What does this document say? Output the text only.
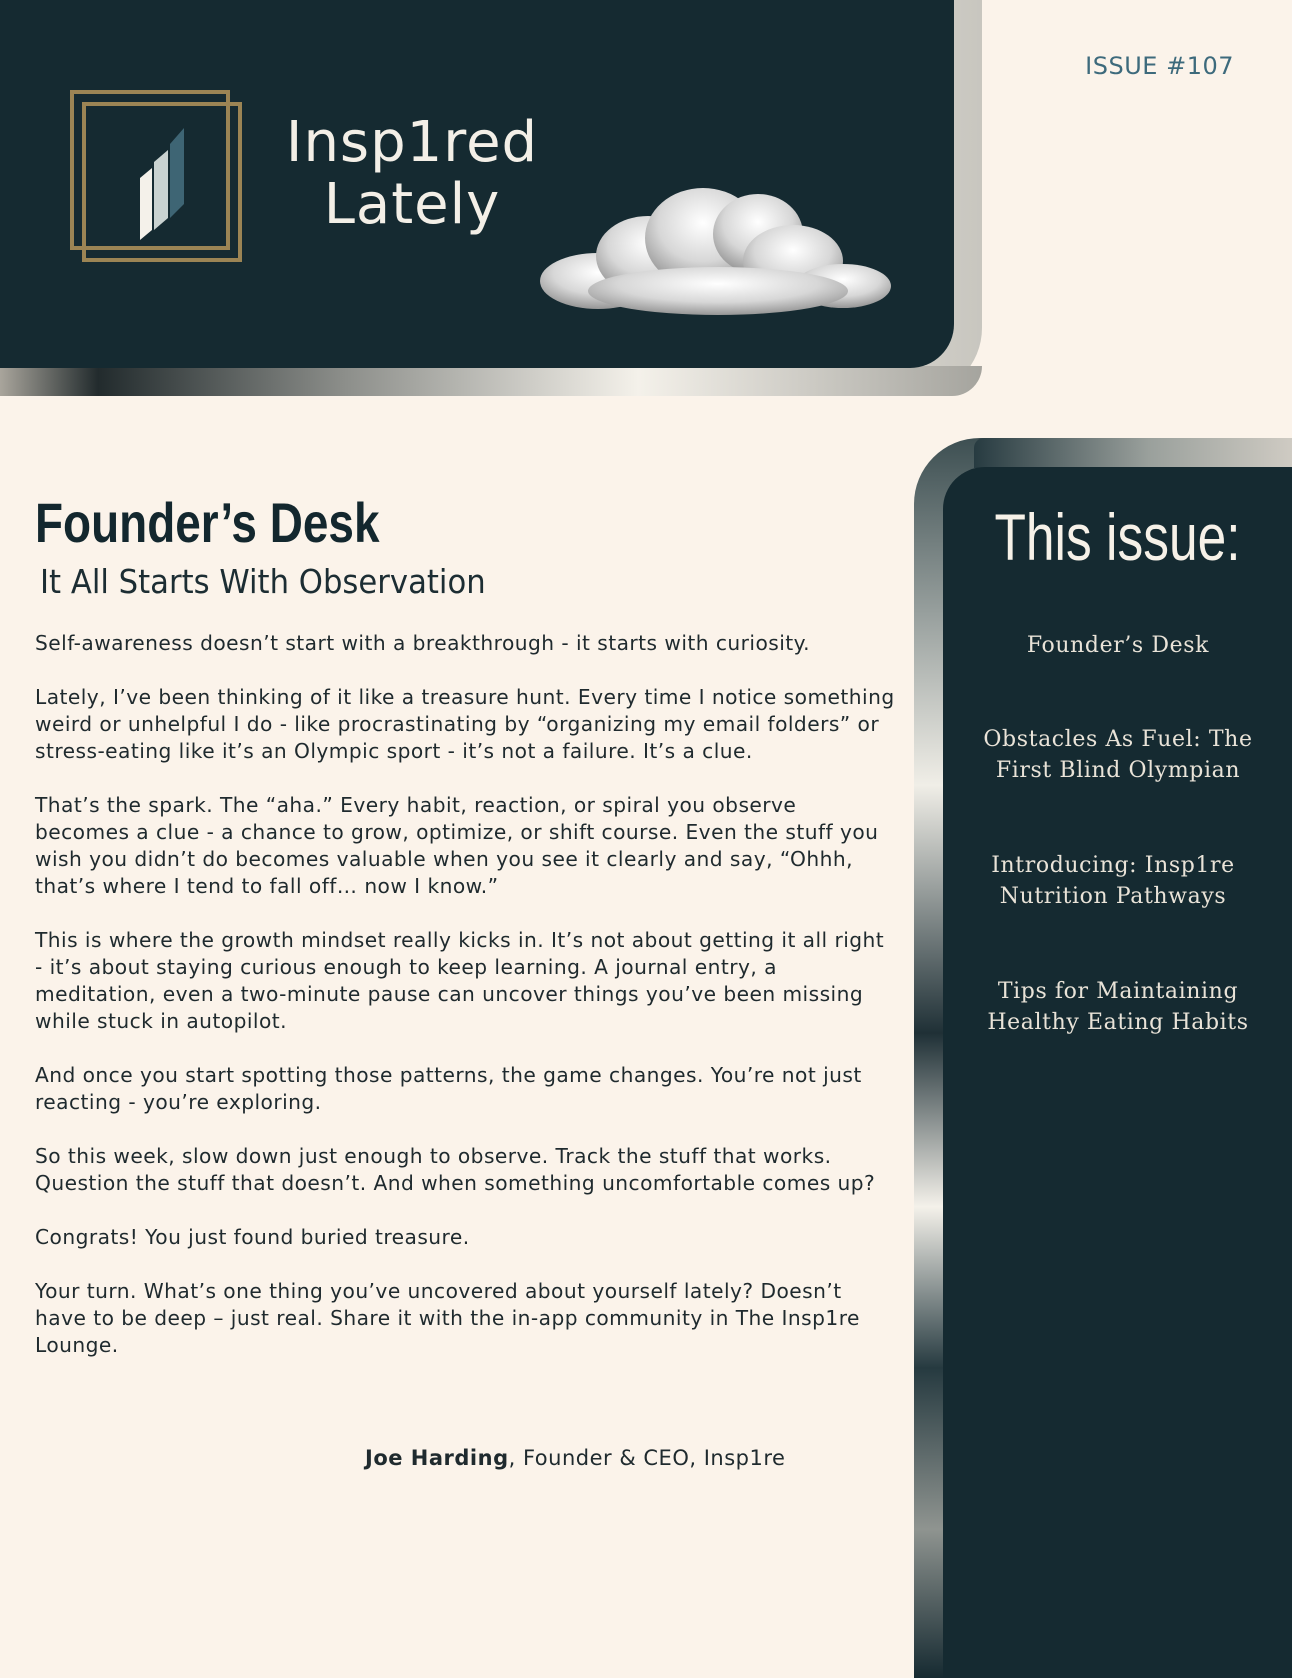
Insp1red Lately
ISSUE #107
This issue:
Founder’s Desk
Obstacles As Fuel: The First Blind Olympian
Introducing: Insp1re Nutrition Pathways
Tips for Maintaining Healthy Eating Habits
Founder’s Desk
It All Starts With Observation

Self-awareness doesn’t start with a breakthrough - it starts with curiosity.

Lately, I’ve been thinking of it like a treasure hunt. Every time I notice something weird or unhelpful I do - like procrastinating by “organizing my email folders” or stress-eating like it’s an Olympic sport - it’s not a failure. It’s a clue.

That’s the spark. The “aha.” Every habit, reaction, or spiral you observe becomes a clue - a chance to grow, optimize, or shift course. Even the stuff you wish you didn’t do becomes valuable when you see it clearly and say, “Ohhh, that’s where I tend to fall off… now I know.”

This is where the growth mindset really kicks in. It’s not about getting it all right - it’s about staying curious enough to keep learning. A journal entry, a meditation, even a two-minute pause can uncover things you’ve been missing while stuck in autopilot.

And once you start spotting those patterns, the game changes. You’re not just reacting - you’re exploring.

So this week, slow down just enough to observe. Track the stuff that works. Question the stuff that doesn’t. And when something uncomfortable comes up?

Congrats! You just found buried treasure.

Your turn. What’s one thing you’ve uncovered about yourself lately? Doesn’t have to be deep – just real. Share it with the in-app community in The Insp1re Lounge.

Joe Harding, Founder & CEO, Insp1re
